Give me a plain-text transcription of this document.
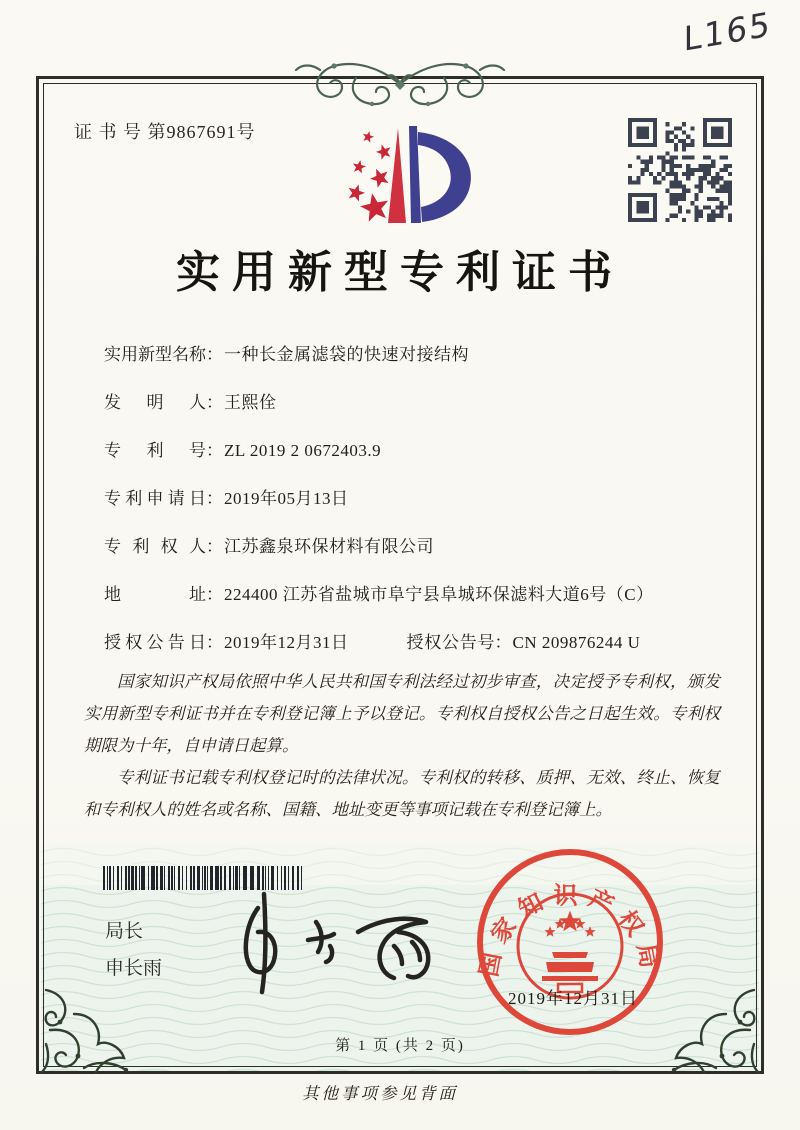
L165
证 书 号 第9867691号
实用新型专利证书
实用新型名称：一种长金属滤袋的快速对接结构
发明人：王熙佺
专利号：ZL 2019 2 0672403.9
专利申请日：2019年05月13日
专利权人：江苏鑫泉环保材料有限公司
地址：224400 江苏省盐城市阜宁县阜城环保滤料大道6号（C）
授权公告日：2019年12月31日	授权公告号：CN 209876244 U

国家知识产权局依照中华人民共和国专利法经过初步审查，决定授予专利权，颁发实用新型专利证书并在专利登记簿上予以登记。专利权自授权公告之日起生效。专利权期限为十年，自申请日起算。

专利证书记载专利权登记时的法律状况。专利权的转移、质押、无效、终止、恢复和专利权人的姓名或名称、国籍、地址变更等事项记载在专利登记簿上。

局长
申长雨	国家知识产权局
2019年12月31日
第 1 页 (共 2 页)
其他事项参见背面
